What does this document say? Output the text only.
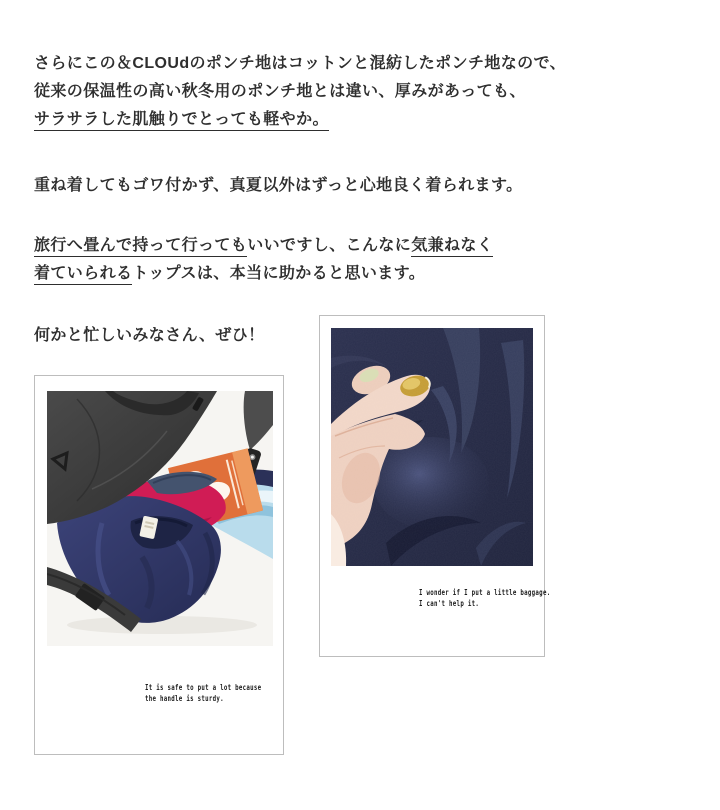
さらにこの＆CLOUdのポンチ地はコットンと混紡したポンチ地なので、
従来の保温性の高い秋冬用のポンチ地とは違い、厚みがあっても、
サラサラした肌触りでとっても軽やか。

重ね着してもゴワ付かず、真夏以外はずっと心地良く着られます。

旅行へ畳んで持って行ってもいいですし、こんなに気兼ねなく
着ていられるトップスは、本当に助かると思います。

何かと忙しいみなさん、ぜひ！

It is safe to put a lot because
the handle is sturdy.
I wonder if I put a little baggage.
I can't help it.
